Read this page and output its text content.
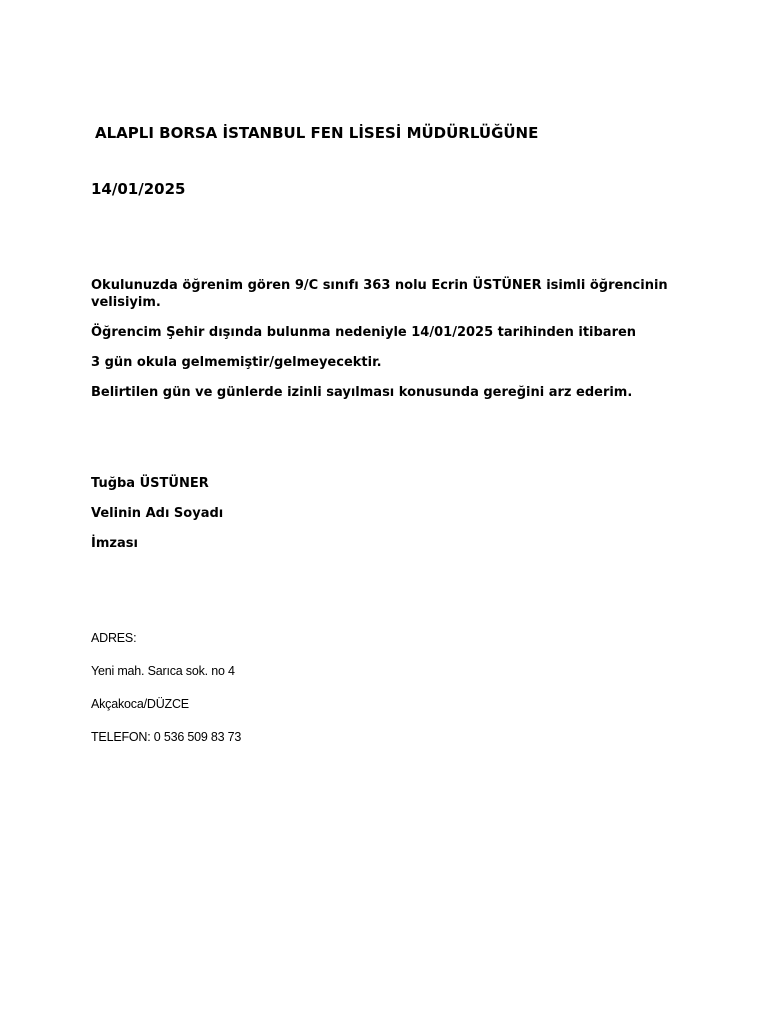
ALAPLI BORSA İSTANBUL FEN LİSESİ MÜDÜRLÜĞÜNE

14/01/2025

Okulunuzda öğrenim gören 9/C sınıfı 363 nolu Ecrin ÜSTÜNER isimli öğrencinin velisiyim.

Öğrencim Şehir dışında bulunma nedeniyle 14/01/2025 tarihinden itibaren

3 gün okula gelmemiştir/gelmeyecektir.

Belirtilen gün ve günlerde izinli sayılması konusunda gereğini arz ederim.

Tuğba ÜSTÜNER

Velinin Adı Soyadı

İmzası

ADRES:

Yeni mah. Sarıca sok. no 4

Akçakoca/DÜZCE

TELEFON: 0 536 509 83 73
